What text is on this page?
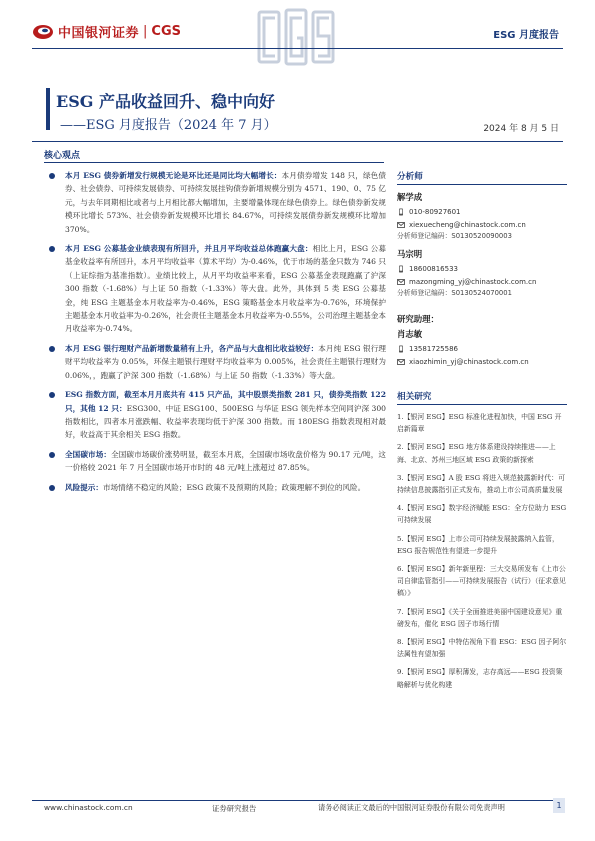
中国银河证券 | CGS	ESG 月度报告
ESG 产品收益回升、稳中向好
——ESG 月度报告（2024 年 7 月）	2024 年 8 月 5 日
核心观点
本月 ESG 债券新增发行规模无论是环比还是同比均大幅增长：本月债券增发 148 只，绿色债券、社会债券、可持续发展债券、可持续发展挂钩债券新增规模分别为 4571、190、0、75 亿元，与去年同期相比或者与上月相比都大幅增加，主要增量体现在绿色债券上。绿色债券新发规模环比增长 573%、社会债券新发规模环比增长 84.67%，可持续发展债券新发规模环比增加 370%。
本月 ESG 公募基金业绩表现有所回升，并且月平均收益总体跑赢大盘：相比上月，ESG 公募基金收益率有所回升，本月平均收益率（算术平均）为-0.46%，优于市场的基金只数为 746 只（上证综指为基准指数）。业绩比较上，从月平均收益率来看，ESG 公募基金表现跑赢了沪深 300 指数（-1.68%）与上证 50 指数（-1.33%）等大盘。此外，具体到 5 类 ESG 公募基金，纯 ESG 主题基金本月收益率为-0.46%，ESG 策略基金本月收益率为-0.76%，环境保护主题基金本月收益率为-0.26%，社会责任主题基金本月收益率为-0.55%，公司治理主题基金本月收益率为-0.74%。
本月 ESG 银行理财产品新增数量稍有上升，各产品与大盘相比收益较好：本月纯 ESG 银行理财平均收益率为 0.05%，环保主题银行理财平均收益率为 0.005%，社会责任主题银行理财为 0.06%，，跑赢了沪深 300 指数（-1.68%）与上证 50 指数（-1.33%）等大盘。
ESG 指数方面，截至本月月底共有 415 只产品，其中股票类指数 281 只，债券类指数 122 只，其他 12 只：ESG300、中证 ESG100、500ESG 与华证 ESG 领先样本空间同沪深 300 指数相比，四者本月涨跌幅、收益率表现均低于沪深 300 指数。而 180ESG 指数表现相对最好，收益高于其余相关 ESG 指数。
全国碳市场：全国碳市场碳价涨势明显，截至本月底，全国碳市场收盘价格为 90.17 元/吨，这一价格较 2021 年 7 月全国碳市场开市时的 48 元/吨上涨超过 87.85%。
风险提示：市场情绪不稳定的风险；ESG 政策不及预期的风险；政策理解不到位的风险。
分析师
解学成
010-80927601
xiexuecheng@chinastock.com.cn
分析师登记编码：S0130520090003
马宗明
18600816533
mazongming_yj@chinastock.com.cn
分析师登记编码：S0130524070001
研究助理：
肖志敏
13581725586
xiaozhimin_yj@chinastock.com.cn
相关研究
1.【银河 ESG】ESG 标准化进程加快，中国 ESG 开启新篇章
2.【银河 ESG】ESG 地方体系建设持续推进——上海、北京、苏州三地区域 ESG 政策的新探索
3.【银河 ESG】A 股 ESG 将进入规范披露新时代：可持续信息披露指引正式发布，推动上市公司高质量发展
4.【银河 ESG】数字经济赋能 ESG：全方位助力 ESG 可持续发展
5.【银河 ESG】上市公司可持续发展披露纳入监管，ESG 报告规范性有望进一步提升
6.【银河 ESG】新年新里程：三大交易所发布《上市公司自律监管指引——可持续发展报告（试行）（征求意见稿）》
7.【银河 ESG】《关于全面推进美丽中国建设意见》重磅发布，催化 ESG 因子市场行情
8.【银河 ESG】中特估视角下看 ESG：ESG 因子阿尔法属性有望加强
9.【银河 ESG】厚积薄发，志存高远——ESG 投资策略解析与优化构建
www.chinastock.com.cn	证券研究报告	请务必阅读正文最后的中国银河证券股份有限公司免责声明	1
